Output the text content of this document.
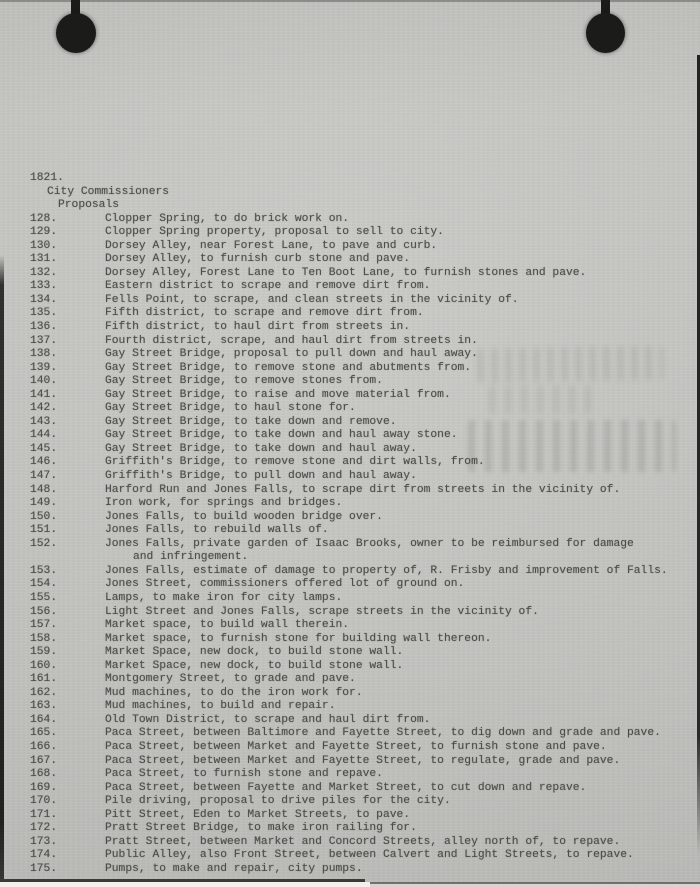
1821.
City Commissioners
Proposals
128.	Clopper Spring, to do brick work on.
129.	Clopper Spring property, proposal to sell to city.
130.	Dorsey Alley, near Forest Lane, to pave and curb.
131.	Dorsey Alley, to furnish curb stone and pave.
132.	Dorsey Alley, Forest Lane to Ten Boot Lane, to furnish stones and pave.
133.	Eastern district to scrape and remove dirt from.
134.	Fells Point, to scrape, and clean streets in the vicinity of.
135.	Fifth district, to scrape and remove dirt from.
136.	Fifth district, to haul dirt from streets in.
137.	Fourth district, scrape, and haul dirt from streets in.
138.	Gay Street Bridge, proposal to pull down and haul away.
139.	Gay Street Bridge, to remove stone and abutments from.
140.	Gay Street Bridge, to remove stones from.
141.	Gay Street Bridge, to raise and move material from.
142.	Gay Street Bridge, to haul stone for.
143.	Gay Street Bridge, to take down and remove.
144.	Gay Street Bridge, to take down and haul away stone.
145.	Gay Street Bridge, to take down and haul away.
146.	Griffith's Bridge, to remove stone and dirt walls, from.
147.	Griffith's Bridge, to pull down and haul away.
148.	Harford Run and Jones Falls, to scrape dirt from streets in the vicinity of.
149.	Iron work, for springs and bridges.
150.	Jones Falls, to build wooden bridge over.
151.	Jones Falls, to rebuild walls of.
152.	Jones Falls, private garden of Isaac Brooks, owner to be reimbursed for damage
and infringement.
153.	Jones Falls, estimate of damage to property of, R. Frisby and improvement of Falls.
154.	Jones Street, commissioners offered lot of ground on.
155.	Lamps, to make iron for city lamps.
156.	Light Street and Jones Falls, scrape streets in the vicinity of.
157.	Market space, to build wall therein.
158.	Market space, to furnish stone for building wall thereon.
159.	Market Space, new dock, to build stone wall.
160.	Market Space, new dock, to build stone wall.
161.	Montgomery Street, to grade and pave.
162.	Mud machines, to do the iron work for.
163.	Mud machines, to build and repair.
164.	Old Town District, to scrape and haul dirt from.
165.	Paca Street, between Baltimore and Fayette Street, to dig down and grade and pave.
166.	Paca Street, between Market and Fayette Street, to furnish stone and pave.
167.	Paca Street, between Market and Fayette Street, to regulate, grade and pave.
168.	Paca Street, to furnish stone and repave.
169.	Paca Street, between Fayette and Market Street, to cut down and repave.
170.	Pile driving, proposal to drive piles for the city.
171.	Pitt Street, Eden to Market Streets, to pave.
172.	Pratt Street Bridge, to make iron railing for.
173.	Pratt Street, between Market and Concord Streets, alley north of, to repave.
174.	Public Alley, also Front Street, between Calvert and Light Streets, to repave.
175.	Pumps, to make and repair, city pumps.
